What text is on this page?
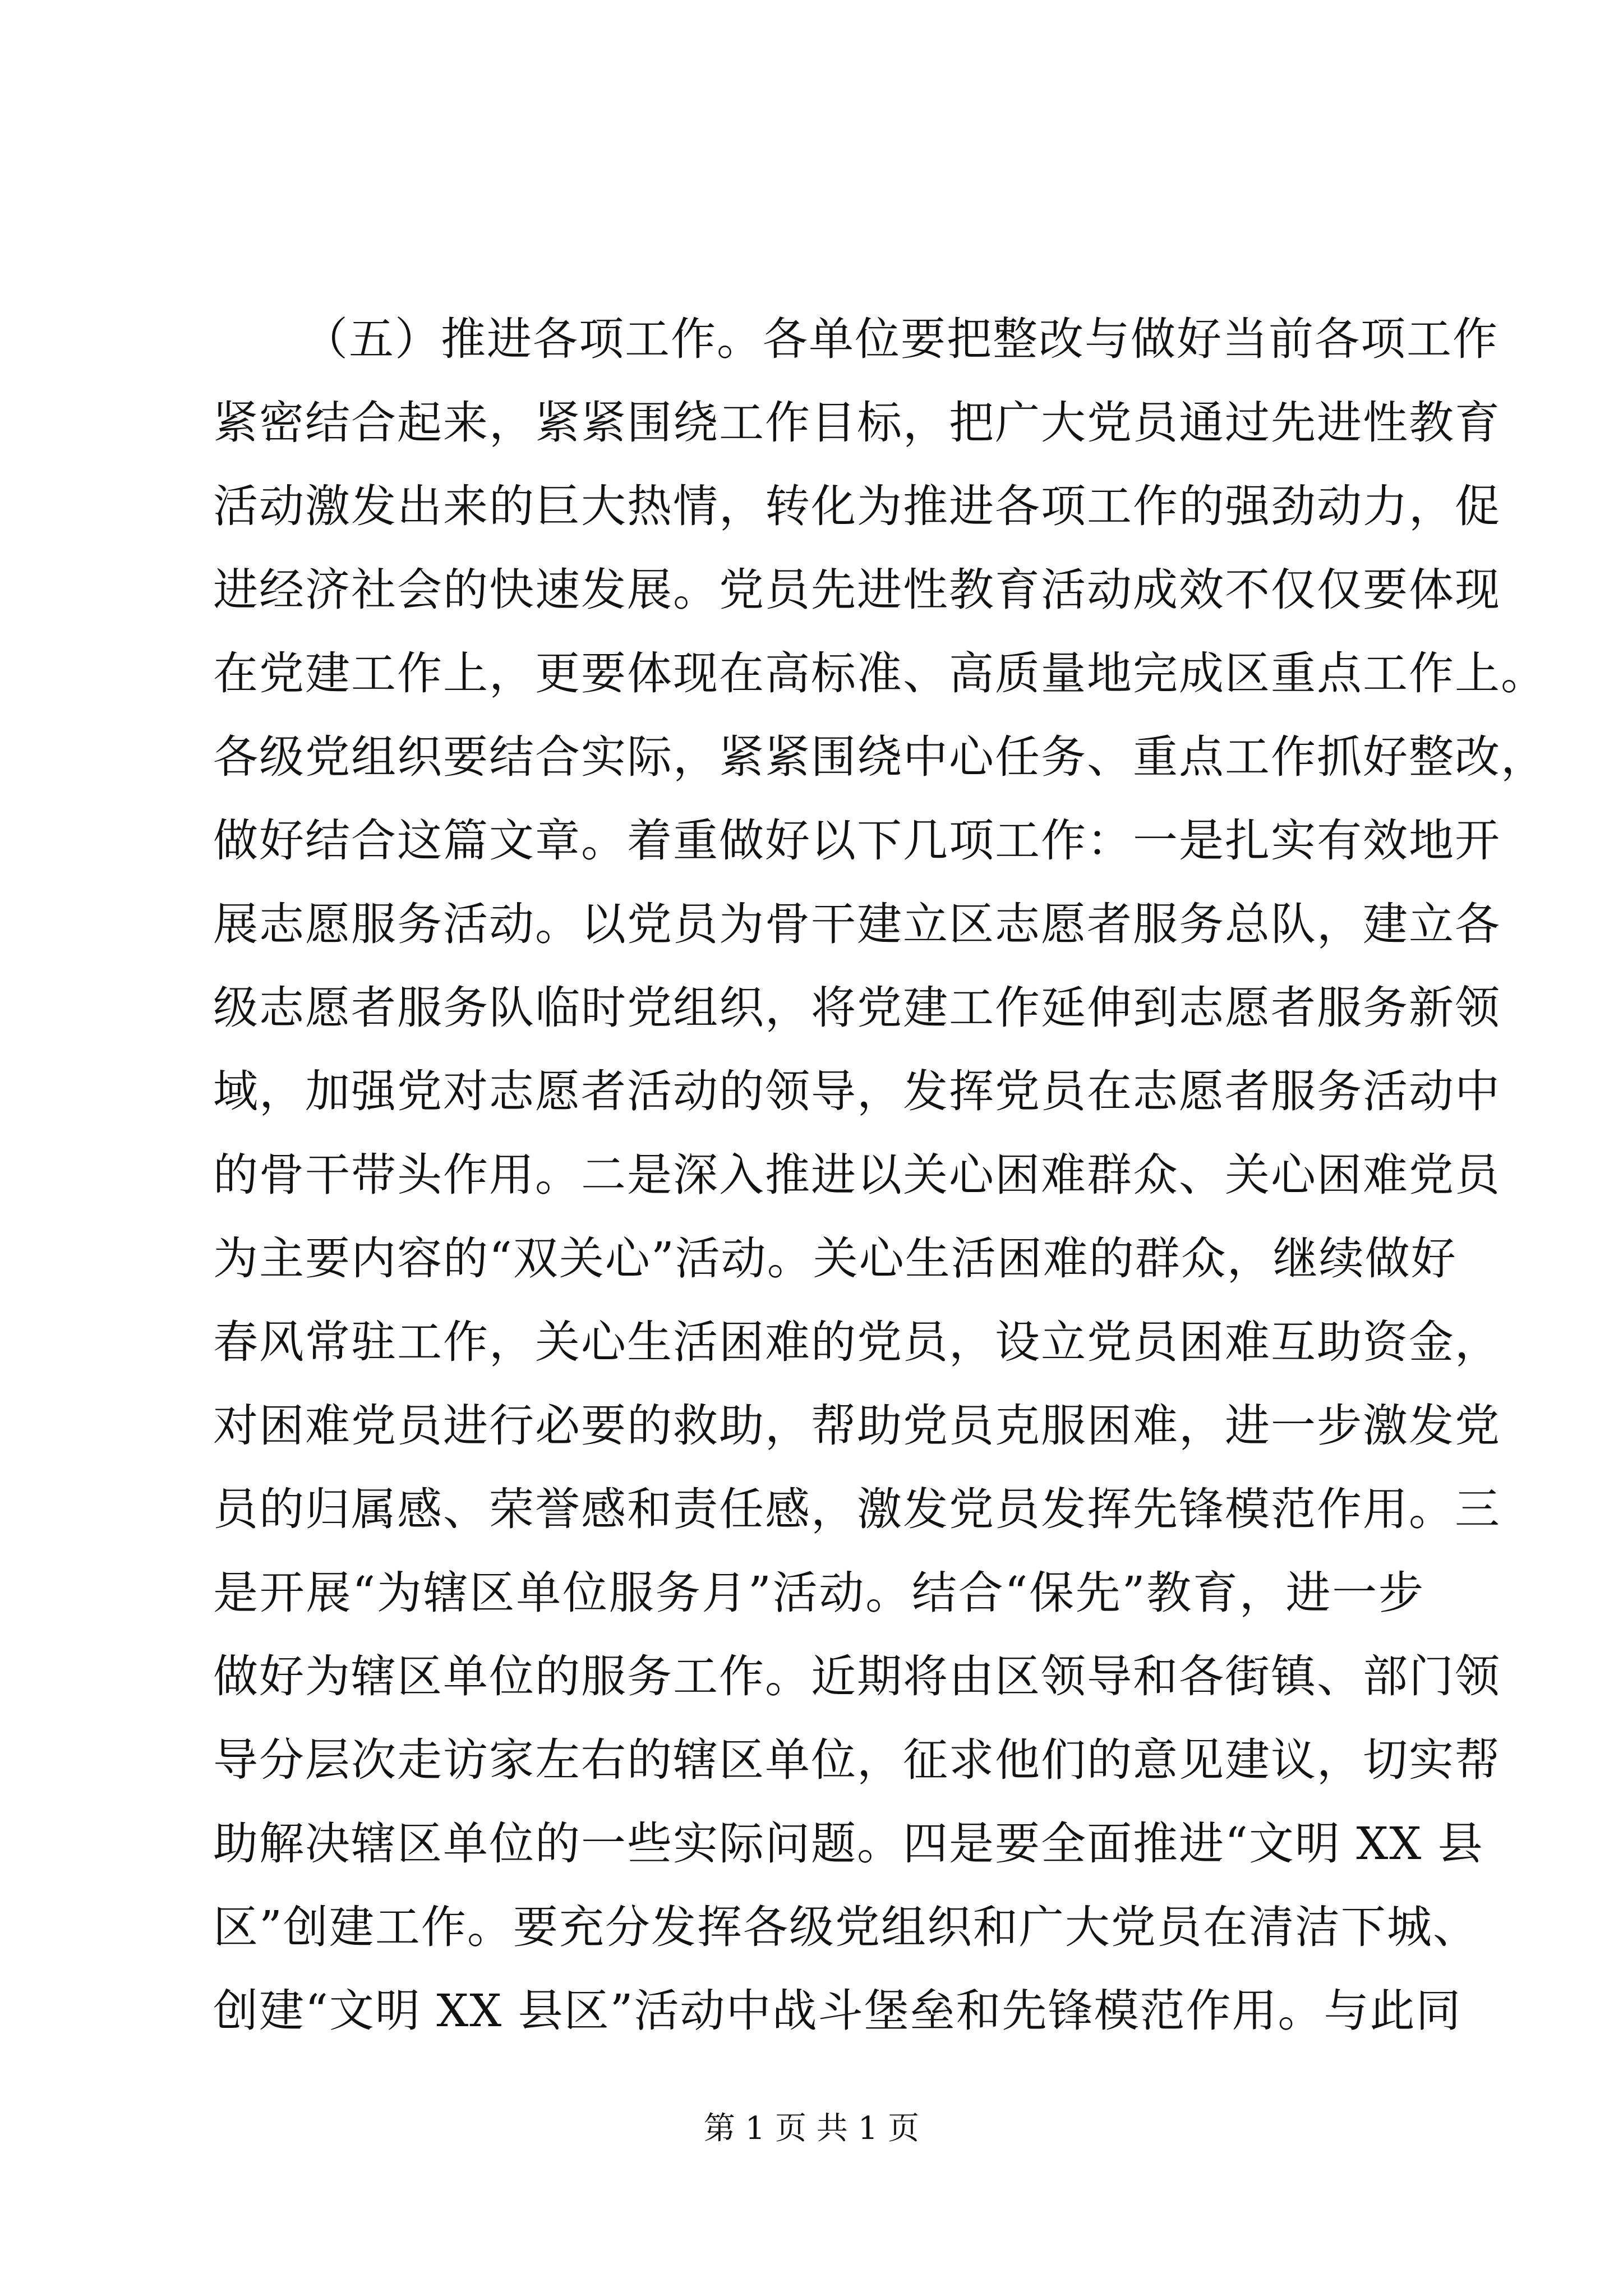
（五）推进各项工作。各单位要把整改与做好当前各项工作
紧密结合起来，紧紧围绕工作目标，把广大党员通过先进性教育
活动激发出来的巨大热情，转化为推进各项工作的强劲动力，促
进经济社会的快速发展。党员先进性教育活动成效不仅仅要体现
在党建工作上，更要体现在高标准、高质量地完成区重点工作上。
各级党组织要结合实际，紧紧围绕中心任务、重点工作抓好整改，
做好结合这篇文章。着重做好以下几项工作：一是扎实有效地开
展志愿服务活动。以党员为骨干建立区志愿者服务总队，建立各
级志愿者服务队临时党组织，将党建工作延伸到志愿者服务新领
域，加强党对志愿者活动的领导，发挥党员在志愿者服务活动中
的骨干带头作用。二是深入推进以关心困难群众、关心困难党员
为主要内容的“双关心”活动。关心生活困难的群众，继续做好
春风常驻工作，关心生活困难的党员，设立党员困难互助资金，
对困难党员进行必要的救助，帮助党员克服困难，进一步激发党
员的归属感、荣誉感和责任感，激发党员发挥先锋模范作用。三
是开展“为辖区单位服务月”活动。结合“保先”教育，进一步
做好为辖区单位的服务工作。近期将由区领导和各街镇、部门领
导分层次走访家左右的辖区单位，征求他们的意见建议，切实帮
助解决辖区单位的一些实际问题。四是要全面推进“文明 XX 县
区”创建工作。要充分发挥各级党组织和广大党员在清洁下城、
创建“文明 XX 县区”活动中战斗堡垒和先锋模范作用。与此同
第 1 页 共 1 页
